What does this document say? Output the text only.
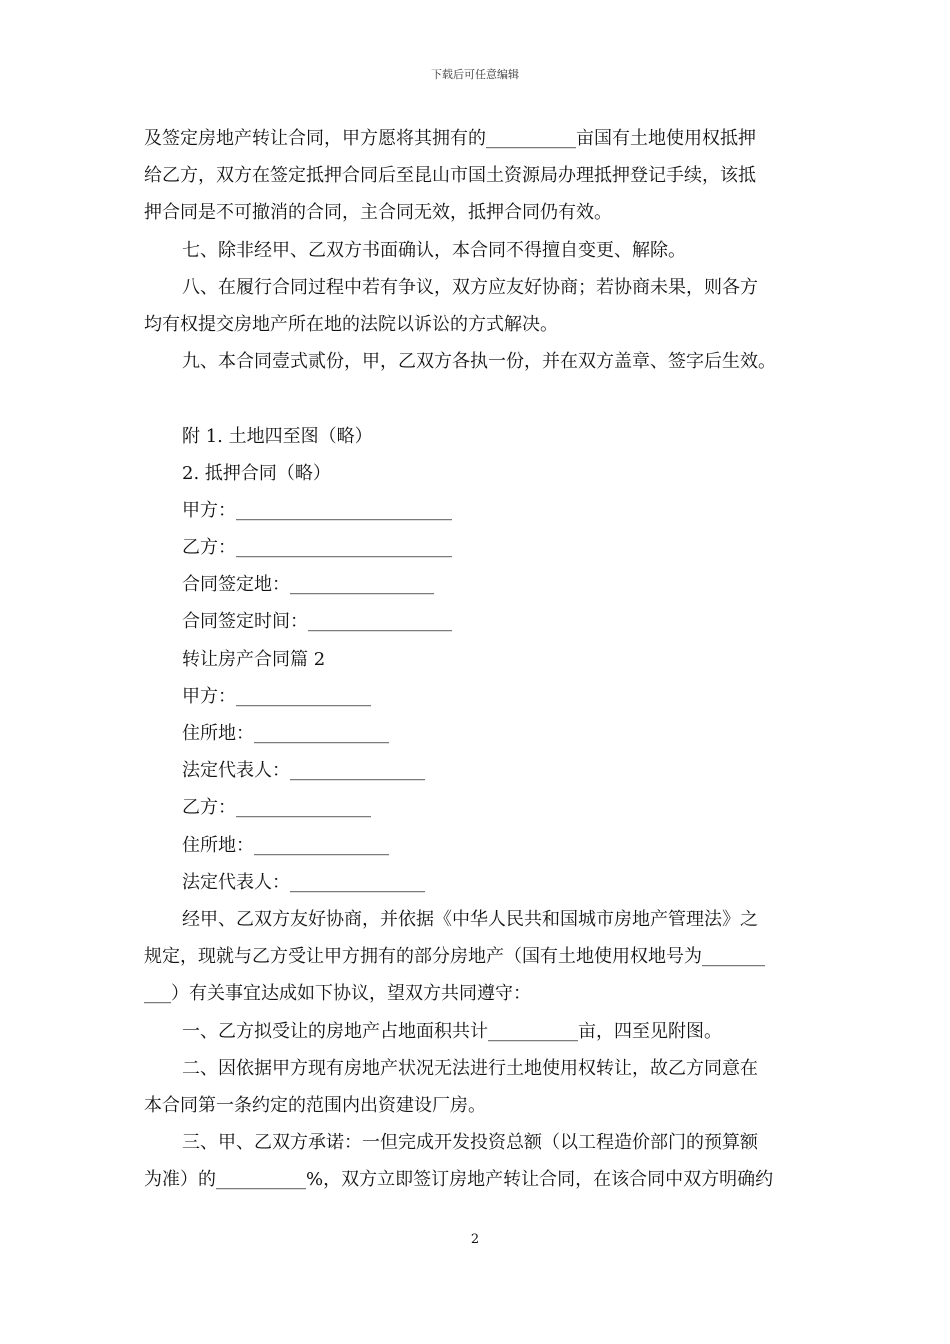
下载后可任意编辑
及签定房地产转让合同，甲方愿将其拥有的__________亩国有土地使用权抵押
给乙方，双方在签定抵押合同后至昆山市国土资源局办理抵押登记手续，该抵
押合同是不可撤消的合同，主合同无效，抵押合同仍有效。
七、除非经甲、乙双方书面确认，本合同不得擅自变更、解除。
八、在履行合同过程中若有争议，双方应友好协商；若协商未果，则各方
均有权提交房地产所在地的法院以诉讼的方式解决。
九、本合同壹式贰份，甲，乙双方各执一份，并在双方盖章、签字后生效。
附 1. 土地四至图（略）
2. 抵押合同（略）
甲方：________________________
乙方：________________________
合同签定地：________________
合同签定时间：________________
转让房产合同篇 2
甲方：_______________
住所地：_______________
法定代表人：_______________
乙方：_______________
住所地：_______________
法定代表人：_______________
经甲、乙双方友好协商，并依据《中华人民共和国城市房地产管理法》之
规定，现就与乙方受让甲方拥有的部分房地产（国有土地使用权地号为_______
___）有关事宜达成如下协议，望双方共同遵守：
一、乙方拟受让的房地产占地面积共计__________亩，四至见附图。
二、因依据甲方现有房地产状况无法进行土地使用权转让，故乙方同意在
本合同第一条约定的范围内出资建设厂房。
三、甲、乙双方承诺：一但完成开发投资总额（以工程造价部门的预算额
为准）的__________%，双方立即签订房地产转让合同，在该合同中双方明确约
2
